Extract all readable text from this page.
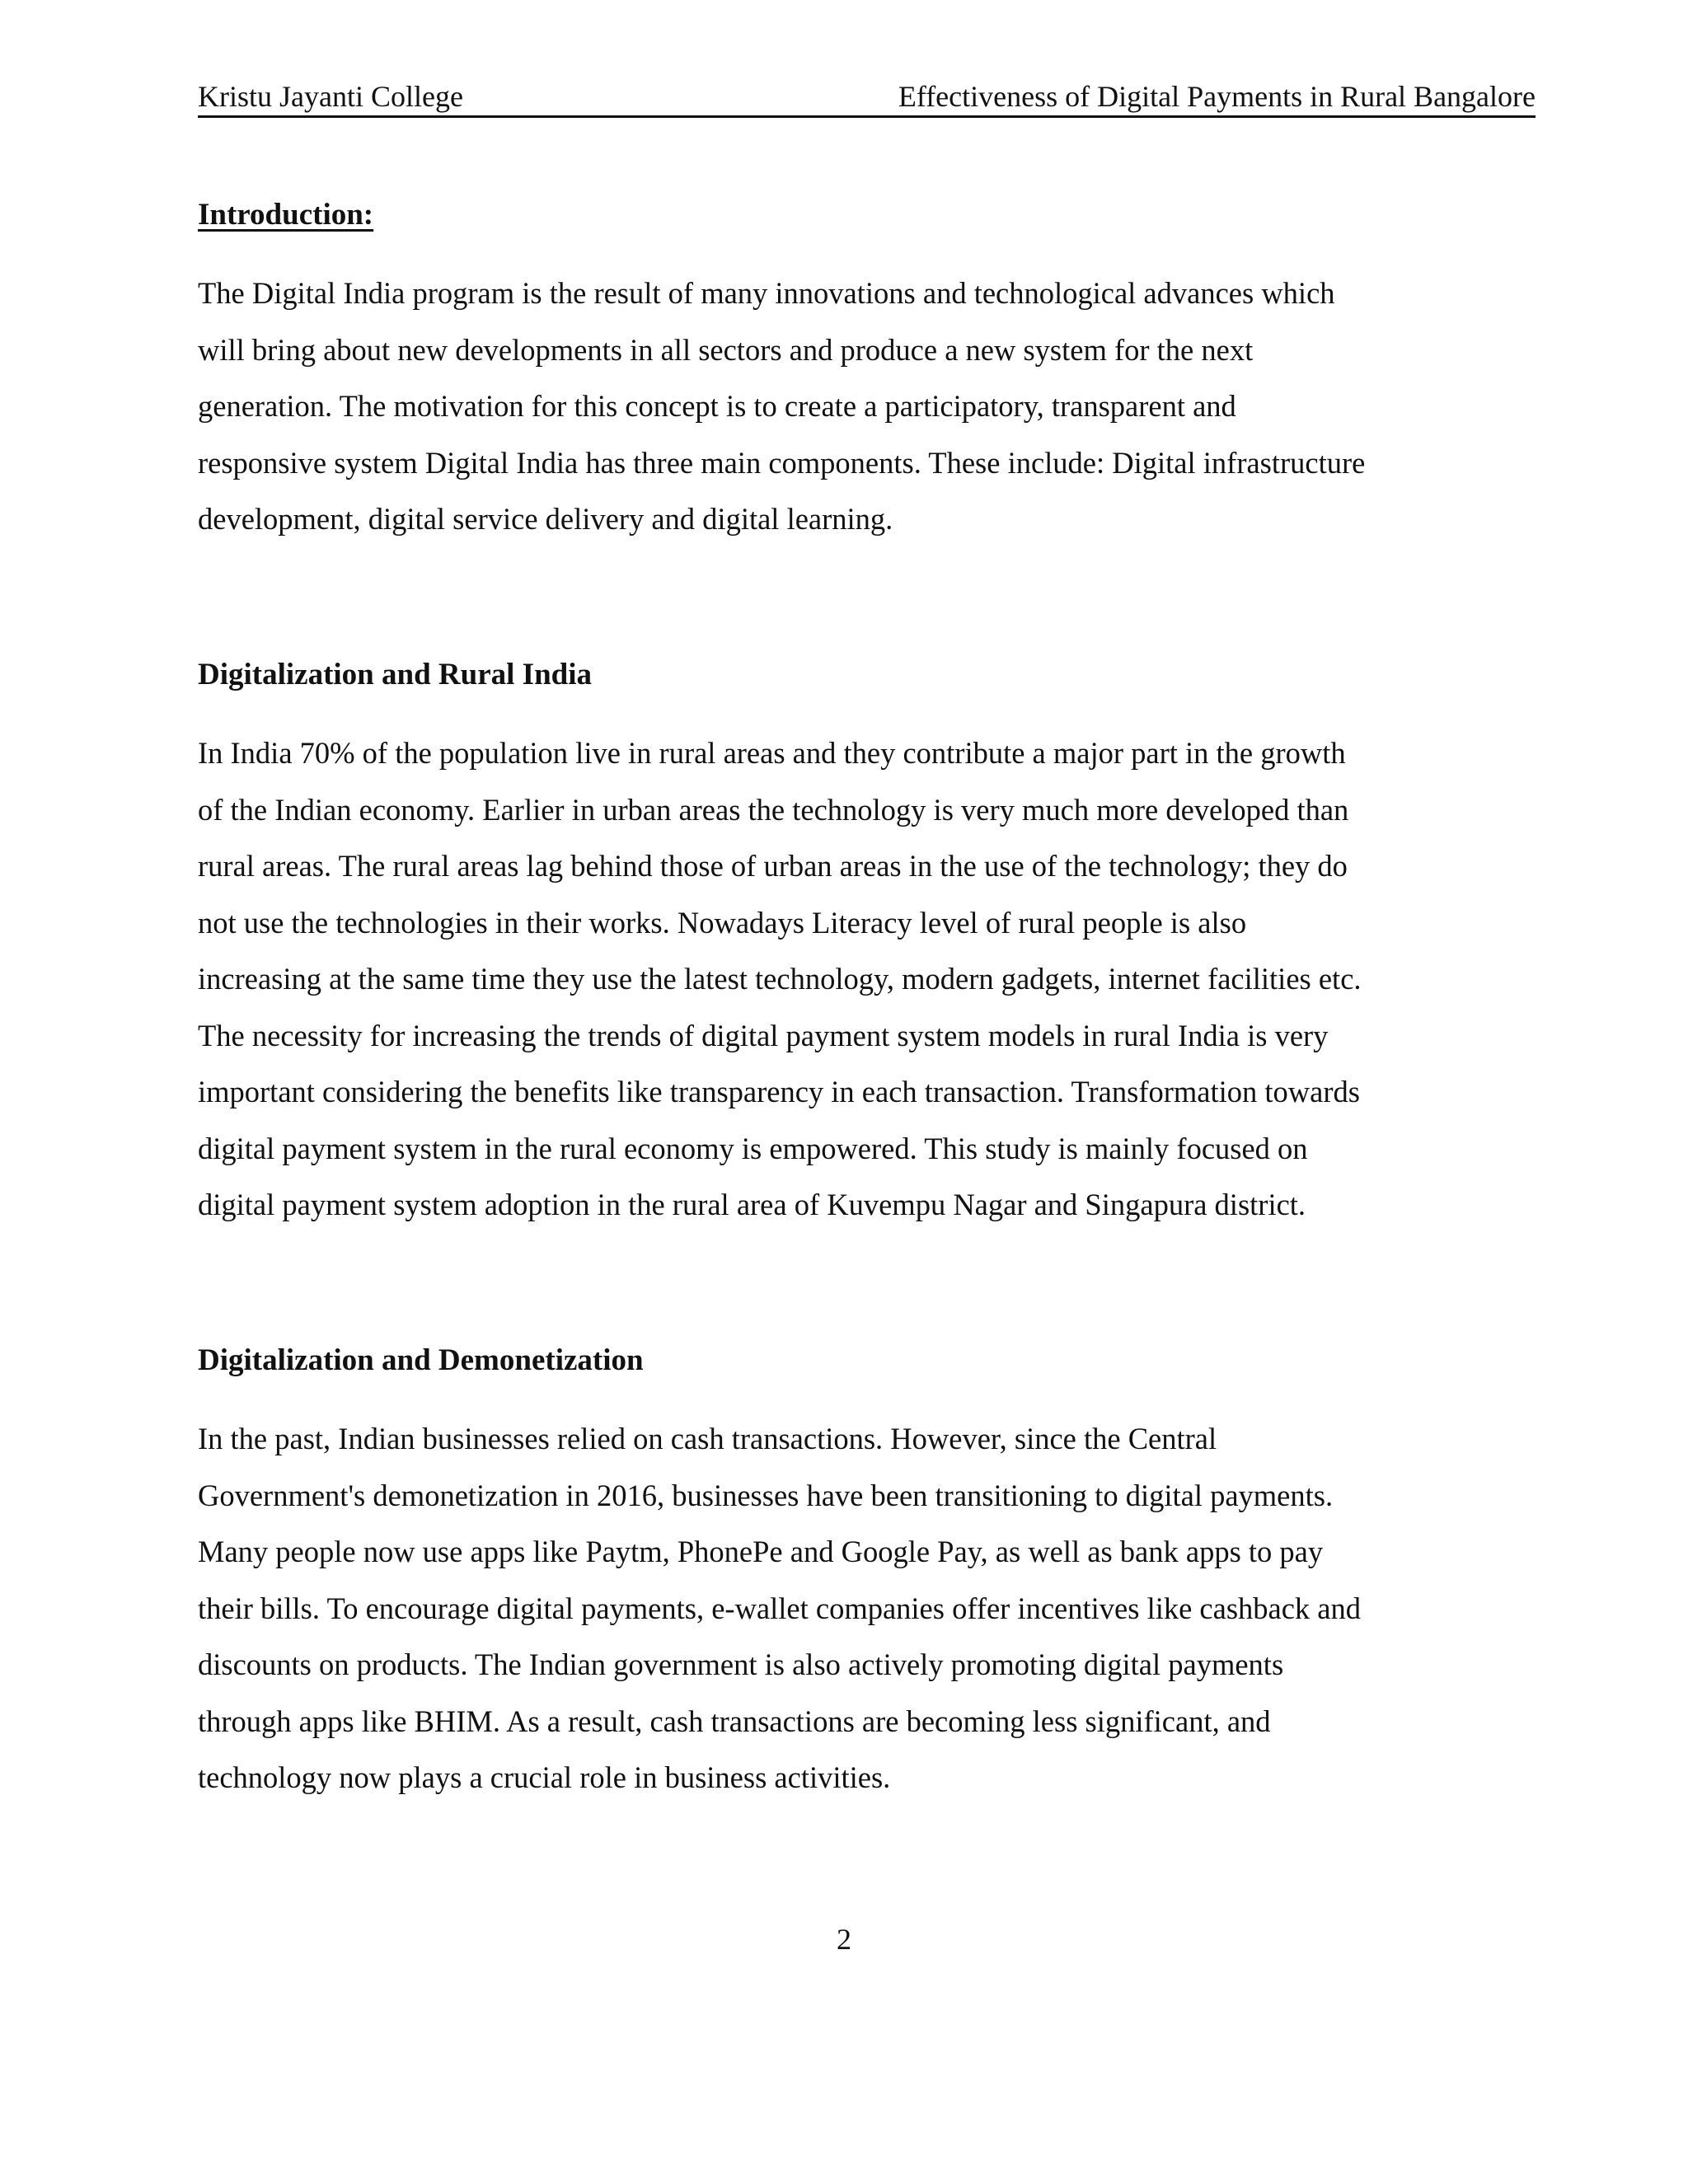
Kristu Jayanti College	Effectiveness of Digital Payments in Rural Bangalore
Introduction:
The Digital India program is the result of many innovations and technological advances which
will bring about new developments in all sectors and produce a new system for the next
generation. The motivation for this concept is to create a participatory, transparent and
responsive system Digital India has three main components. These include: Digital infrastructure
development, digital service delivery and digital learning.
Digitalization and Rural India
In India 70% of the population live in rural areas and they contribute a major part in the growth
of the Indian economy. Earlier in urban areas the technology is very much more developed than
rural areas. The rural areas lag behind those of urban areas in the use of the technology; they do
not use the technologies in their works. Nowadays Literacy level of rural people is also
increasing at the same time they use the latest technology, modern gadgets, internet facilities etc.
The necessity for increasing the trends of digital payment system models in rural India is very
important considering the benefits like transparency in each transaction. Transformation towards
digital payment system in the rural economy is empowered. This study is mainly focused on
digital payment system adoption in the rural area of Kuvempu Nagar and Singapura district.
Digitalization and Demonetization
In the past, Indian businesses relied on cash transactions. However, since the Central
Government's demonetization in 2016, businesses have been transitioning to digital payments.
Many people now use apps like Paytm, PhonePe and Google Pay, as well as bank apps to pay
their bills. To encourage digital payments, e-wallet companies offer incentives like cashback and
discounts on products. The Indian government is also actively promoting digital payments
through apps like BHIM. As a result, cash transactions are becoming less significant, and
technology now plays a crucial role in business activities.
2
